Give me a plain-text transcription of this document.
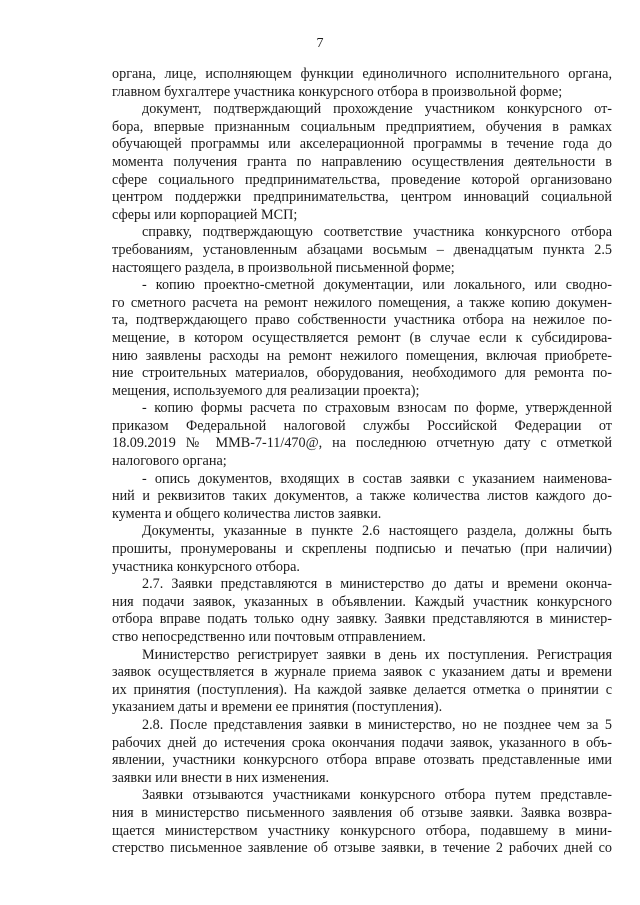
7
органа, лице, исполняющем функции единоличного исполнительного органа,
главном бухгалтере участника конкурсного отбора в произвольной форме;
документ, подтверждающий прохождение участником конкурсного от-
бора, впервые признанным социальным предприятием, обучения в рамках
обучающей программы или акселерационной программы в течение года до
момента получения гранта по направлению осуществления деятельности в
сфере социального предпринимательства, проведение которой организовано
центром поддержки предпринимательства, центром инноваций социальной
сферы или корпорацией МСП;
справку, подтверждающую соответствие участника конкурсного отбора
требованиям, установленным абзацами восьмым – двенадцатым пункта 2.5
настоящего раздела, в произвольной письменной форме;
- копию проектно-сметной документации, или локального, или сводно-
го сметного расчета на ремонт нежилого помещения, а также копию докумен-
та, подтверждающего право собственности участника отбора на нежилое по-
мещение, в котором осуществляется ремонт (в случае если к субсидирова-
нию заявлены расходы на ремонт нежилого помещения, включая приобрете-
ние строительных материалов, оборудования, необходимого для ремонта по-
мещения, используемого для реализации проекта);
- копию формы расчета по страховым взносам по форме, утвержденной
приказом Федеральной налоговой службы Российской Федерации от
18.09.2019 № ММВ-7-11/470@, на последнюю отчетную дату с отметкой
налогового органа;
- опись документов, входящих в состав заявки с указанием наименова-
ний и реквизитов таких документов, а также количества листов каждого до-
кумента и общего количества листов заявки.
Документы, указанные в пункте 2.6 настоящего раздела, должны быть
прошиты, пронумерованы и скреплены подписью и печатью (при наличии)
участника конкурсного отбора.
2.7. Заявки представляются в министерство до даты и времени оконча-
ния подачи заявок, указанных в объявлении. Каждый участник конкурсного
отбора вправе подать только одну заявку. Заявки представляются в министер-
ство непосредственно или почтовым отправлением.
Министерство регистрирует заявки в день их поступления. Регистрация
заявок осуществляется в журнале приема заявок с указанием даты и времени
их принятия (поступления). На каждой заявке делается отметка о принятии с
указанием даты и времени ее принятия (поступления).
2.8. После представления заявки в министерство, но не позднее чем за 5
рабочих дней до истечения срока окончания подачи заявок, указанного в объ-
явлении, участники конкурсного отбора вправе отозвать представленные ими
заявки или внести в них изменения.
Заявки отзываются участниками конкурсного отбора путем представле-
ния в министерство письменного заявления об отзыве заявки. Заявка возвра-
щается министерством участнику конкурсного отбора, подавшему в мини-
стерство письменное заявление об отзыве заявки, в течение 2 рабочих дней со
